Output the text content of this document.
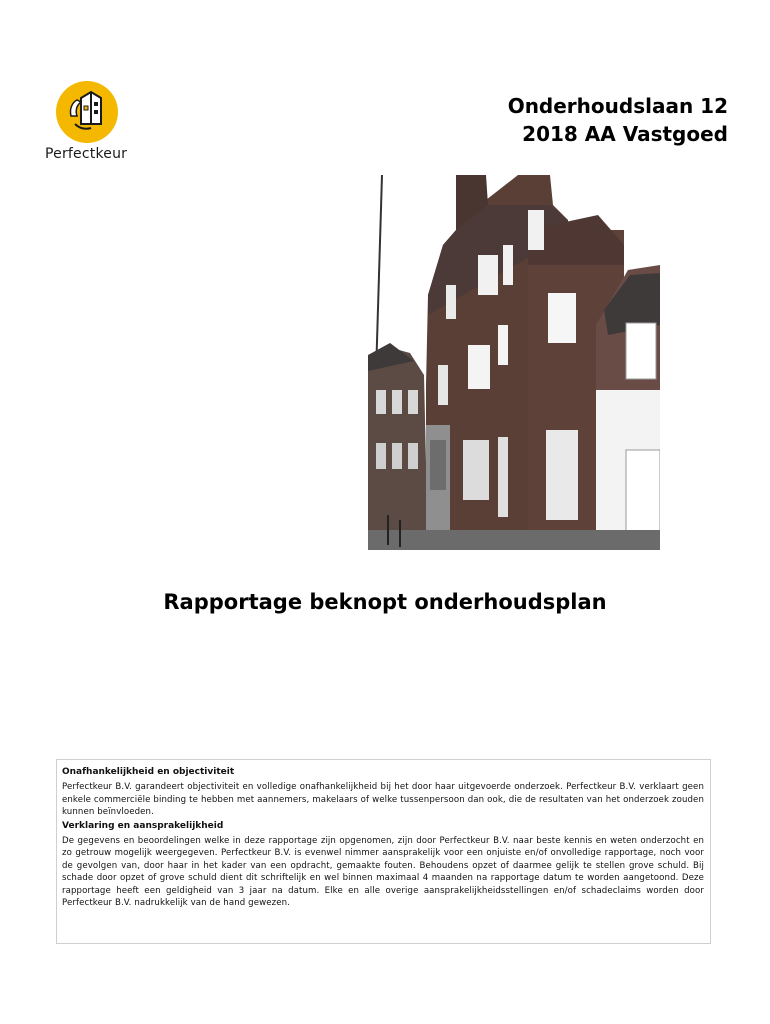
Perfectkeur
Onderhoudslaan 12
2018 AA Vastgoed
Rapportage beknopt onderhoudsplan
Onafhankelijkheid en objectiviteit

Perfectkeur B.V. garandeert objectiviteit en volledige onafhankelijkheid bij het door haar uitgevoerde onderzoek. Perfectkeur B.V. verklaart geen enkele commerciële binding te hebben met aannemers, makelaars of welke tussenpersoon dan ook, die de resultaten van het onderzoek zouden kunnen beïnvloeden.

Verklaring en aansprakelijkheid

De gegevens en beoordelingen welke in deze rapportage zijn opgenomen, zijn door Perfectkeur B.V. naar beste kennis en weten onderzocht en zo getrouw mogelijk weergegeven. Perfectkeur B.V. is evenwel nimmer aansprakelijk voor een onjuiste en/of onvolledige rapportage, noch voor de gevolgen van, door haar in het kader van een opdracht, gemaakte fouten. Behoudens opzet of daarmee gelijk te stellen grove schuld. Bij schade door opzet of grove schuld dient dit schriftelijk en wel binnen maximaal 4 maanden na rapportage datum te worden aangetoond. Deze rapportage heeft een geldigheid van 3 jaar na datum. Elke en alle overige aansprakelijkheidsstellingen en/of schadeclaims worden door Perfectkeur B.V. nadrukkelijk van de hand gewezen.
